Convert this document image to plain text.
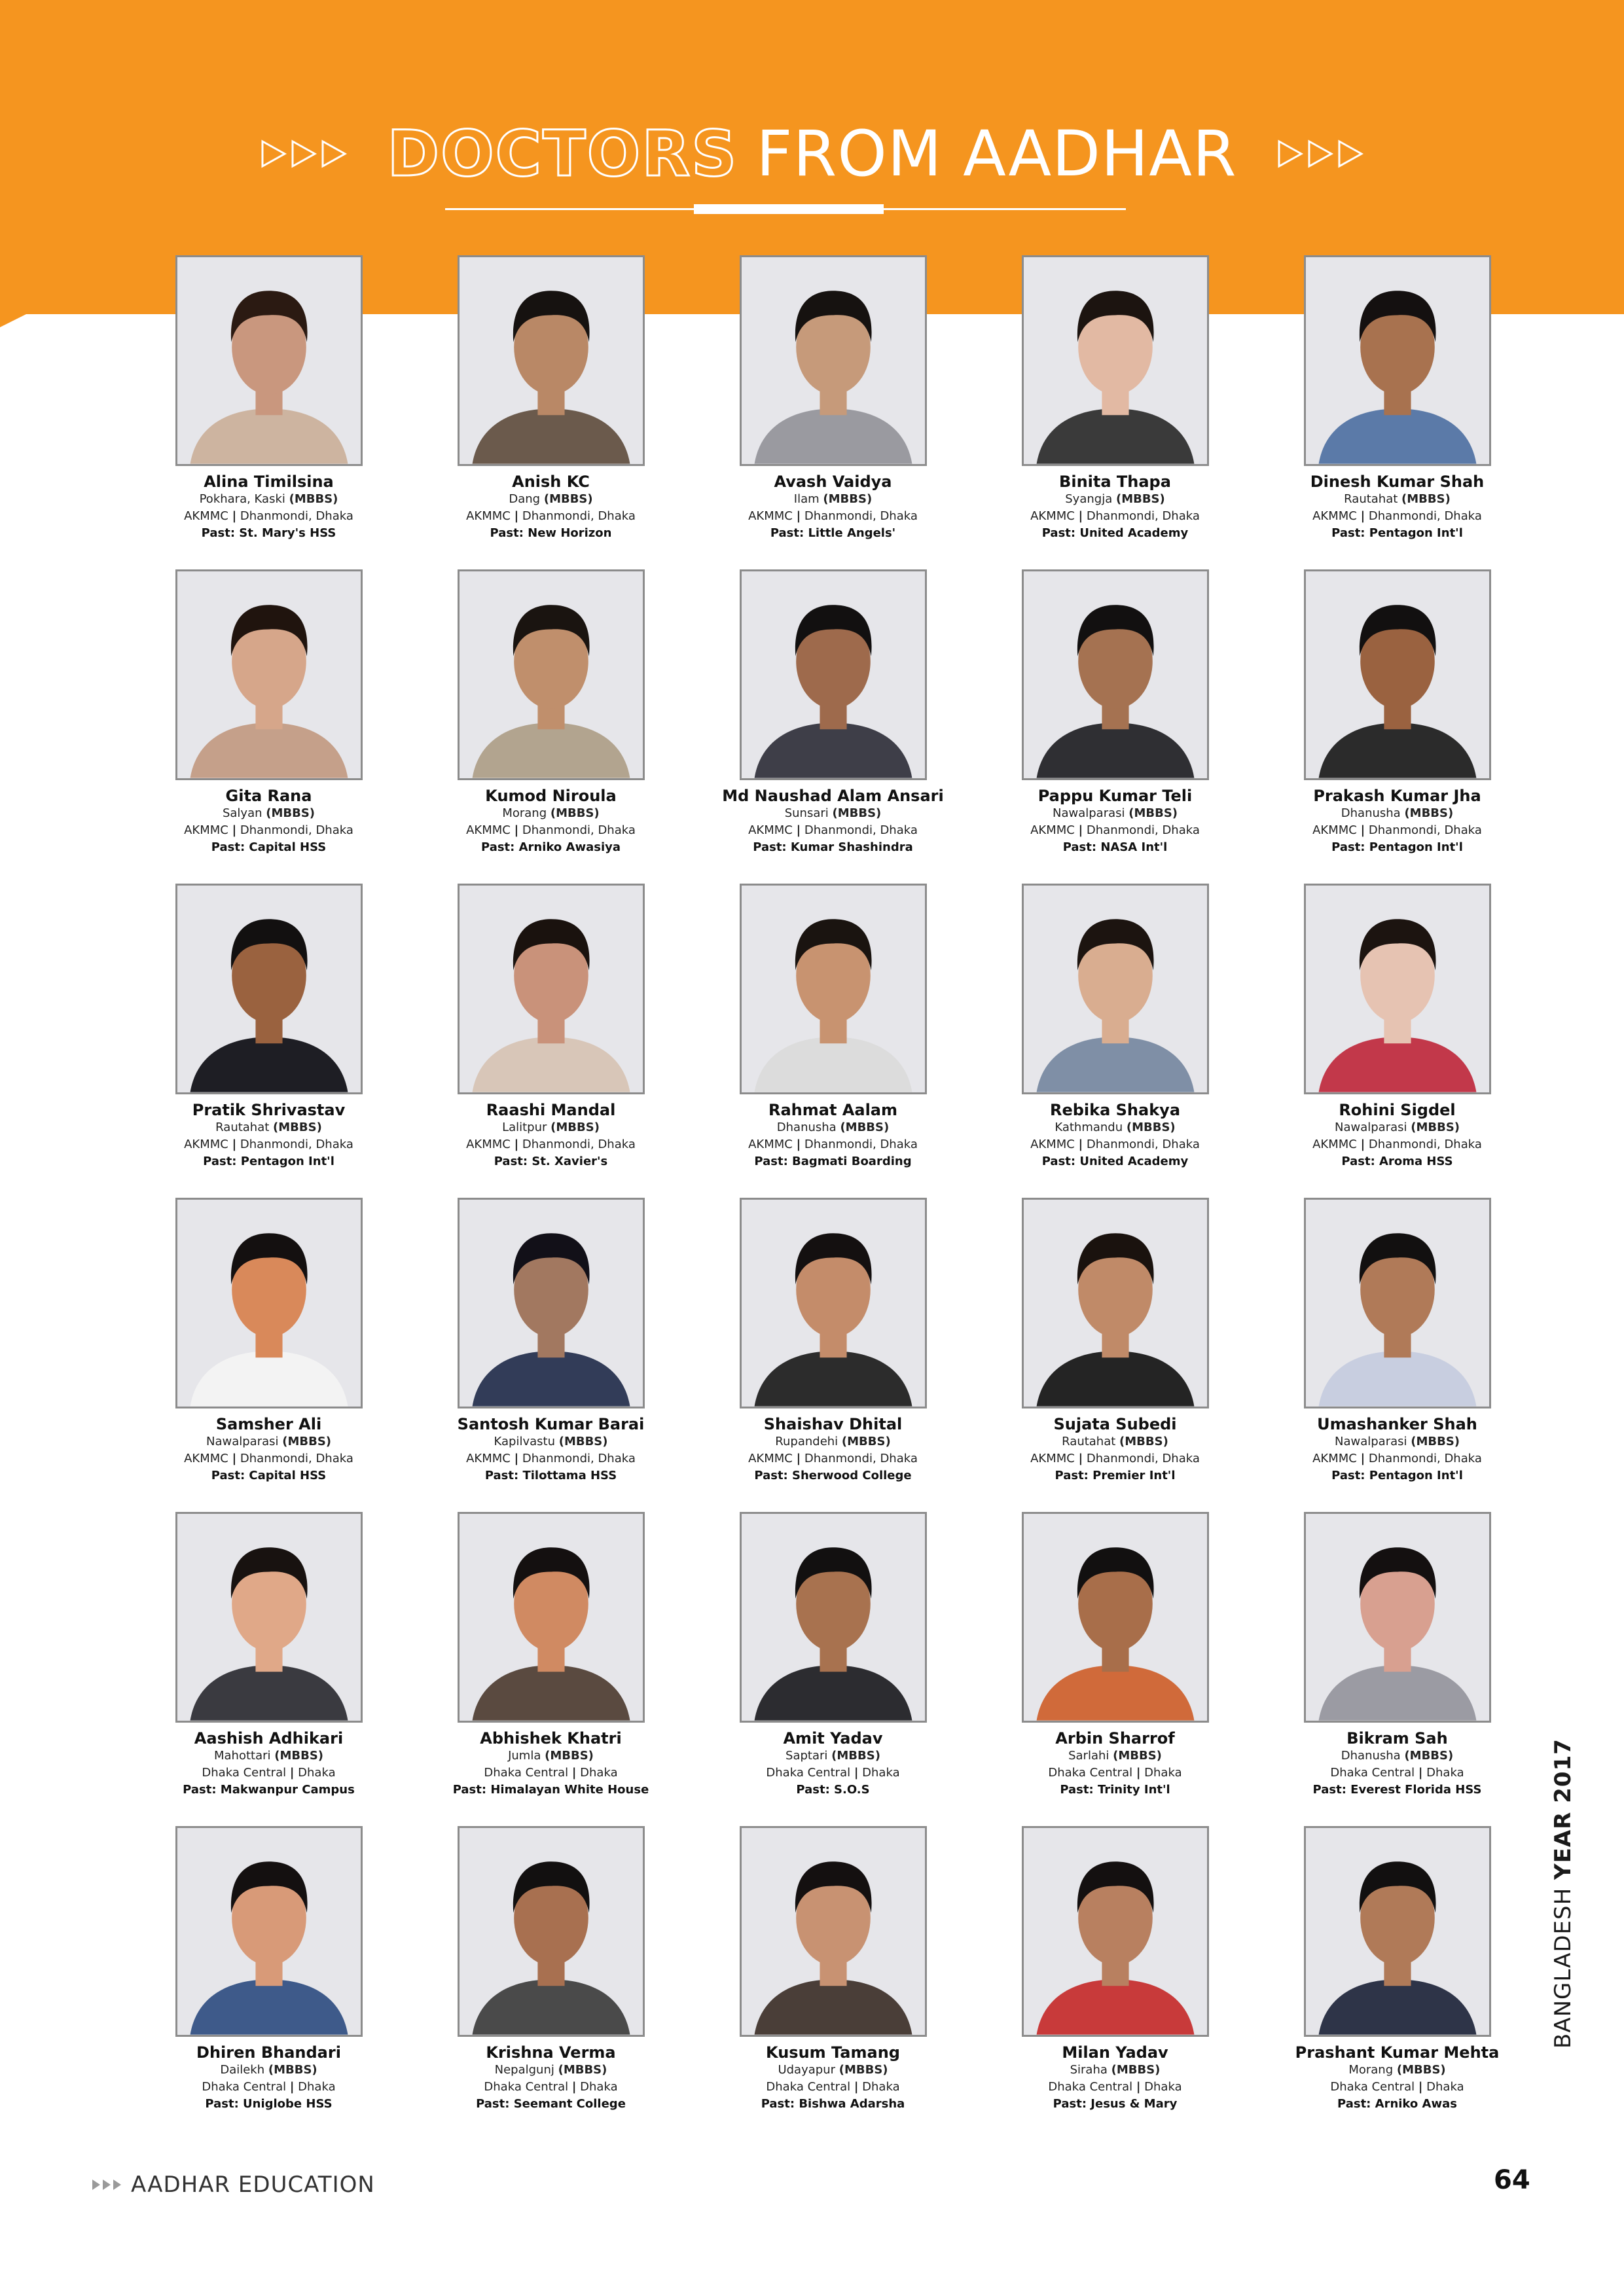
DOCTORS FROM AADHAR
Alina Timilsina
Pokhara, Kaski (MBBS)
AKMMC | Dhanmondi, Dhaka
Past: St. Mary's HSS
Anish KC
Dang (MBBS)
AKMMC | Dhanmondi, Dhaka
Past: New Horizon
Avash Vaidya
Ilam (MBBS)
AKMMC | Dhanmondi, Dhaka
Past: Little Angels'
Binita Thapa
Syangja (MBBS)
AKMMC | Dhanmondi, Dhaka
Past: United Academy
Dinesh Kumar Shah
Rautahat (MBBS)
AKMMC | Dhanmondi, Dhaka
Past: Pentagon Int'l
Gita Rana
Salyan (MBBS)
AKMMC | Dhanmondi, Dhaka
Past: Capital HSS
Kumod Niroula
Morang (MBBS)
AKMMC | Dhanmondi, Dhaka
Past: Arniko Awasiya
Md Naushad Alam Ansari
Sunsari (MBBS)
AKMMC | Dhanmondi, Dhaka
Past: Kumar Shashindra
Pappu Kumar Teli
Nawalparasi (MBBS)
AKMMC | Dhanmondi, Dhaka
Past: NASA Int'l
Prakash Kumar Jha
Dhanusha (MBBS)
AKMMC | Dhanmondi, Dhaka
Past: Pentagon Int'l
Pratik Shrivastav
Rautahat (MBBS)
AKMMC | Dhanmondi, Dhaka
Past: Pentagon Int'l
Raashi Mandal
Lalitpur (MBBS)
AKMMC | Dhanmondi, Dhaka
Past: St. Xavier's
Rahmat Aalam
Dhanusha (MBBS)
AKMMC | Dhanmondi, Dhaka
Past: Bagmati Boarding
Rebika Shakya
Kathmandu (MBBS)
AKMMC | Dhanmondi, Dhaka
Past: United Academy
Rohini Sigdel
Nawalparasi (MBBS)
AKMMC | Dhanmondi, Dhaka
Past: Aroma HSS
Samsher Ali
Nawalparasi (MBBS)
AKMMC | Dhanmondi, Dhaka
Past: Capital HSS
Santosh Kumar Barai
Kapilvastu (MBBS)
AKMMC | Dhanmondi, Dhaka
Past: Tilottama HSS
Shaishav Dhital
Rupandehi (MBBS)
AKMMC | Dhanmondi, Dhaka
Past: Sherwood College
Sujata Subedi
Rautahat (MBBS)
AKMMC | Dhanmondi, Dhaka
Past: Premier Int'l
Umashanker Shah
Nawalparasi (MBBS)
AKMMC | Dhanmondi, Dhaka
Past: Pentagon Int'l
Aashish Adhikari
Mahottari (MBBS)
Dhaka Central | Dhaka
Past: Makwanpur Campus
Abhishek Khatri
Jumla (MBBS)
Dhaka Central | Dhaka
Past: Himalayan White House
Amit Yadav
Saptari (MBBS)
Dhaka Central | Dhaka
Past: S.O.S
Arbin Sharrof
Sarlahi (MBBS)
Dhaka Central | Dhaka
Past: Trinity Int'l
Bikram Sah
Dhanusha (MBBS)
Dhaka Central | Dhaka
Past: Everest Florida HSS
Dhiren Bhandari
Dailekh (MBBS)
Dhaka Central | Dhaka
Past: Uniglobe HSS
Krishna Verma
Nepalgunj (MBBS)
Dhaka Central | Dhaka
Past: Seemant College
Kusum Tamang
Udayapur (MBBS)
Dhaka Central | Dhaka
Past: Bishwa Adarsha
Milan Yadav
Siraha (MBBS)
Dhaka Central | Dhaka
Past: Jesus & Mary
Prashant Kumar Mehta
Morang (MBBS)
Dhaka Central | Dhaka
Past: Arniko Awas
BANGLADESH YEAR 2017
AADHAR EDUCATION	64
